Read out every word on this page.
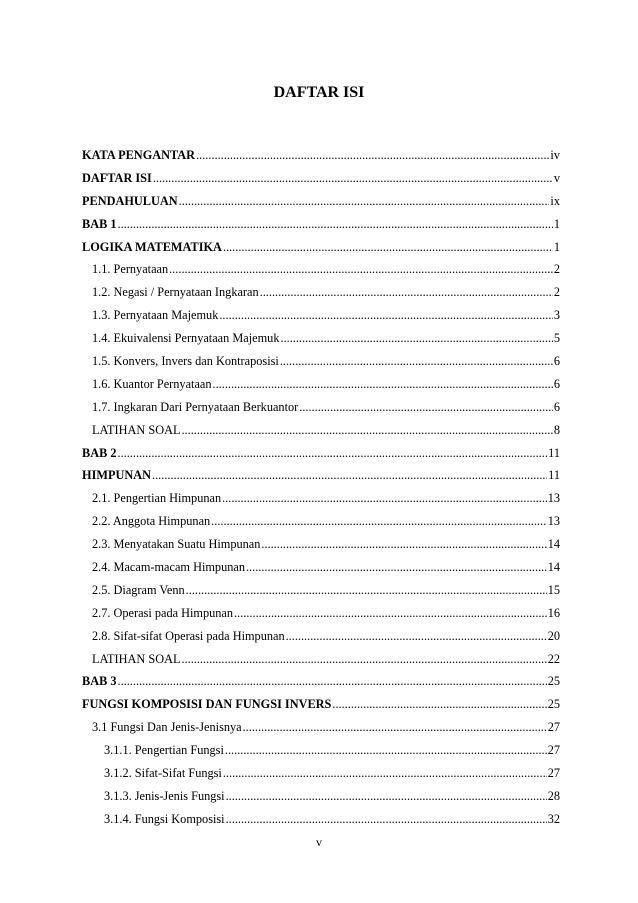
DAFTAR ISI
KATA PENGANTAR .....	iv
DAFTAR ISI .....	v
PENDAHULUAN .....	ix
BAB 1 .....	1
LOGIKA MATEMATIKA .....	1
1.1. Pernyataan .....	2
1.2. Negasi / Pernyataan Ingkaran .....	2
1.3. Pernyataan Majemuk .....	3
1.4. Ekuivalensi Pernyataan Majemuk .....	5
1.5. Konvers, Invers dan Kontraposisi .....	6
1.6. Kuantor Pernyataan .....	6
1.7. Ingkaran Dari Pernyataan Berkuantor .....	6
LATIHAN SOAL .....	8
BAB 2 .....	11
HIMPUNAN .....	11
2.1. Pengertian Himpunan .....	13
2.2. Anggota Himpunan .....	13
2.3. Menyatakan Suatu Himpunan .....	14
2.4. Macam-macam Himpunan .....	14
2.5. Diagram Venn .....	15
2.7. Operasi pada Himpunan .....	16
2.8. Sifat-sifat Operasi pada Himpunan .....	20
LATIHAN SOAL .....	22
BAB 3 .....	25
FUNGSI KOMPOSISI DAN FUNGSI INVERS .....	25
3.1 Fungsi Dan Jenis-Jenisnya .....	27
3.1.1. Pengertian Fungsi .....	27
3.1.2. Sifat-Sifat Fungsi .....	27
3.1.3. Jenis-Jenis Fungsi .....	28
3.1.4. Fungsi Komposisi .....	32
v
